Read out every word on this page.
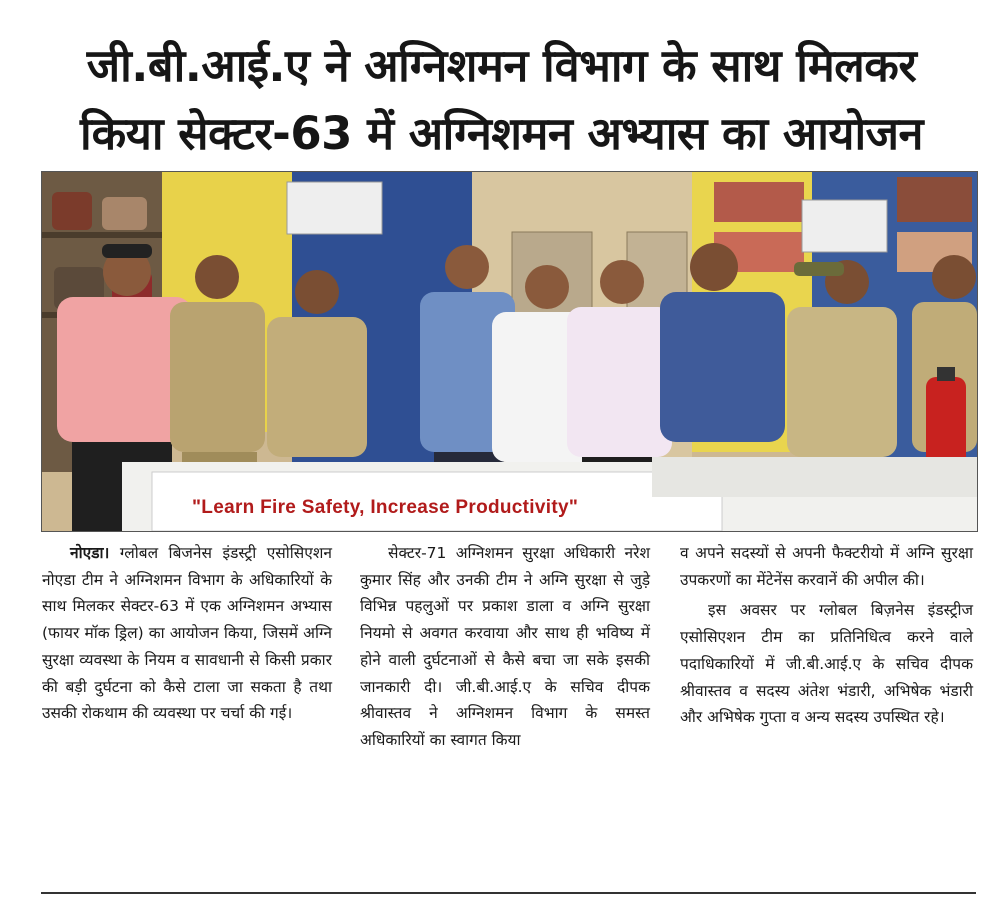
जी.बी.आई.ए ने अग्निशमन विभाग के साथ मिलकर
किया सेक्टर-63 में अग्निशमन अभ्यास का आयोजन
"Learn Fire Safety, Increase Productivity"

नोएडा। ग्लोबल बिजनेस इंडस्ट्री एसोसिएशन नोएडा टीम ने अग्निशमन विभाग के अधिकारियों के साथ मिलकर सेक्टर-63 में एक अग्निशमन अभ्यास (फायर मॉक ड्रिल) का आयोजन किया, जिसमें अग्नि सुरक्षा व्यवस्था के नियम व सावधानी से किसी प्रकार की बड़ी दुर्घटना को कैसे टाला जा सकता है तथा उसकी रोकथाम की व्यवस्था पर चर्चा की गई।

सेक्टर-71 अग्निशमन सुरक्षा अधिकारी नरेश कुमार सिंह और उनकी टीम ने अग्नि सुरक्षा से जुड़े विभिन्न पहलुओं पर प्रकाश डाला व अग्नि सुरक्षा नियमो से अवगत करवाया और साथ ही भविष्य में होने वाली दुर्घटनाओं से कैसे बचा जा सके इसकी जानकारी दी। जी.बी.आई.ए के सचिव दीपक श्रीवास्तव ने अग्निशमन विभाग के समस्त अधिकारियों का स्वागत किया

व अपने सदस्यों से अपनी फैक्टरीयो में अग्नि सुरक्षा उपकरणों का मेंटेनेंस करवानें की अपील की।

इस अवसर पर ग्लोबल बिज़नेस इंडस्ट्रीज एसोसिएशन टीम का प्रतिनिधित्व करने वाले पदाधिकारियों में जी.बी.आई.ए के सचिव दीपक श्रीवास्तव व सदस्य अंतेश भंडारी, अभिषेक भंडारी और अभिषेक गुप्ता व अन्य सदस्य उपस्थित रहे।
